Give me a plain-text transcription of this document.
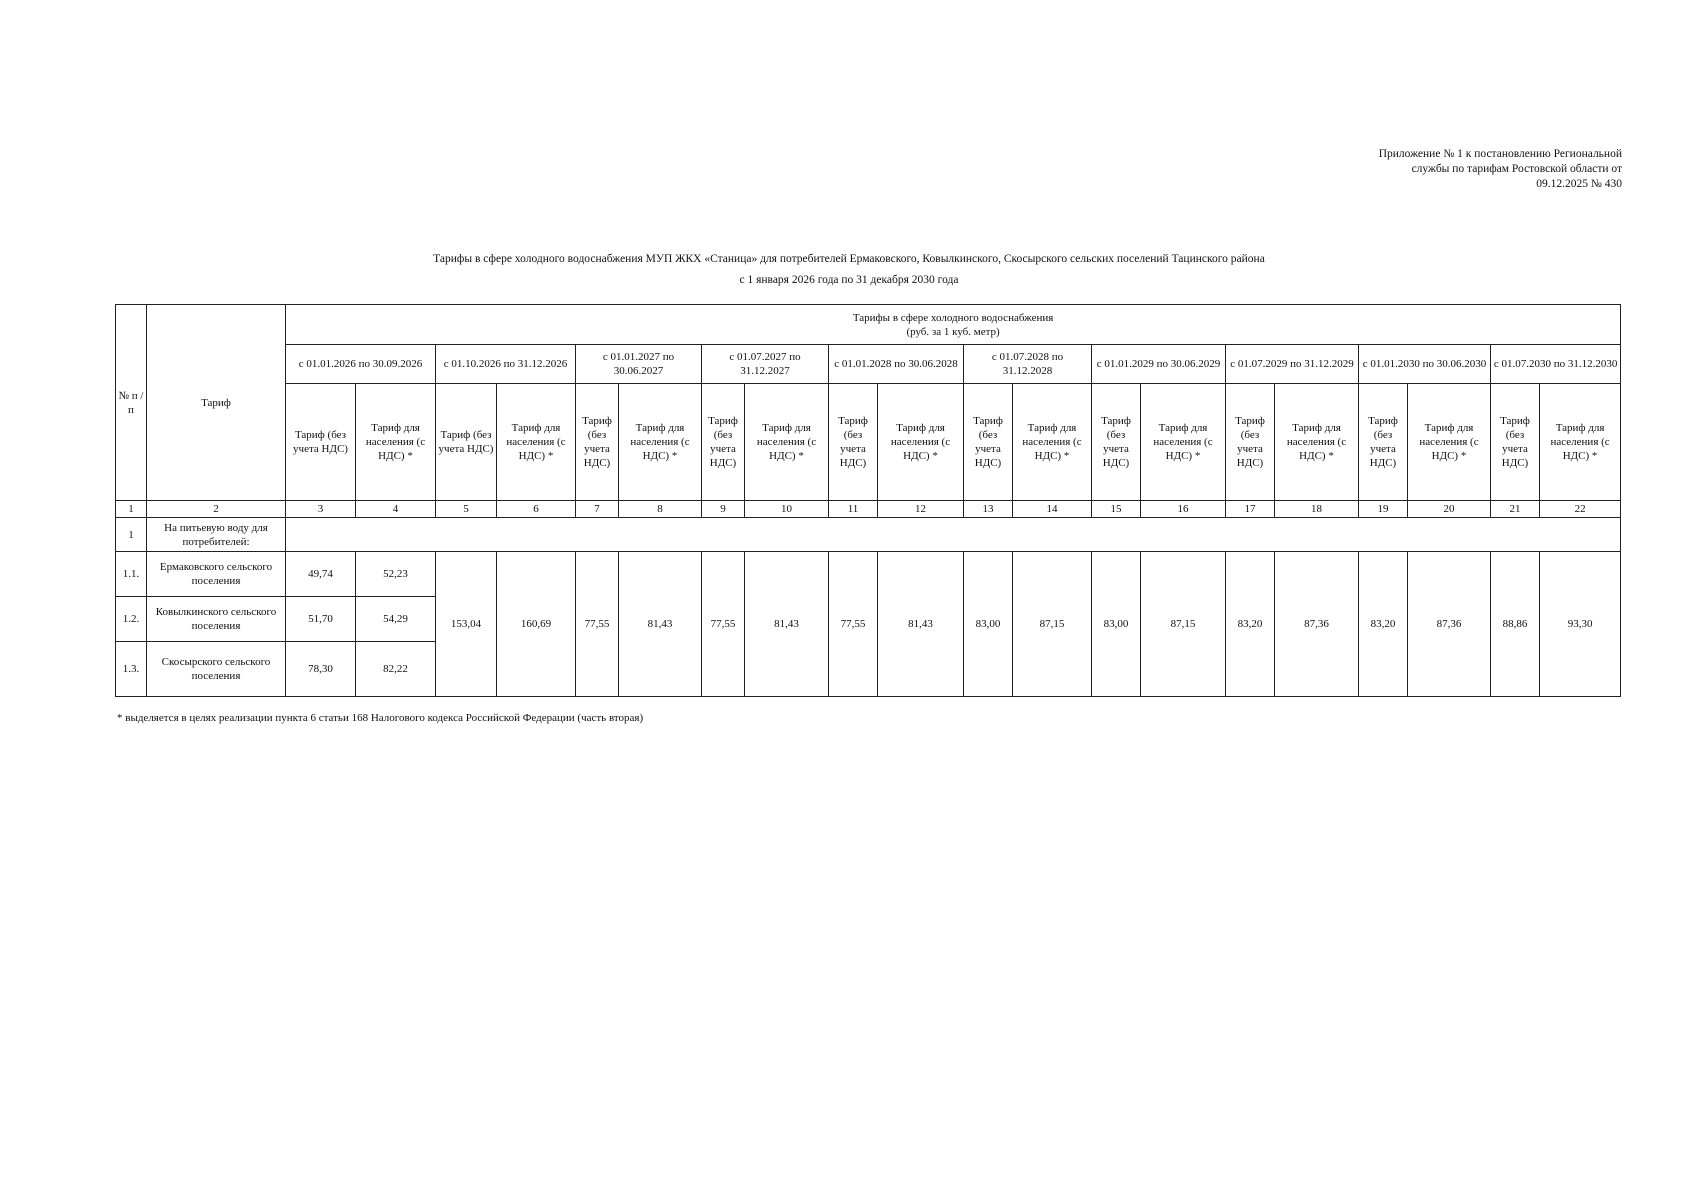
Приложение № 1 к постановлению Региональной
службы по тарифам Ростовской области от
09.12.2025 № 430
Тарифы в сфере холодного водоснабжения МУП ЖКХ «Станица» для потребителей Ермаковского, Ковылкинского, Скосырского сельских поселений Тацинского района
с 1 января 2026 года по 31 декабря 2030 года
№ п /п	Тариф	Тарифы в сфере холодного водоснабжения
(руб. за 1 куб. метр)																			

		с 01.01.2026 по 30.09.2026		с 01.10.2026 по 31.12.2026		с 01.01.2027 по 30.06.2027		с 01.07.2027 по 31.12.2027		с 01.01.2028 по 30.06.2028		с 01.07.2028 по 31.12.2028		с 01.01.2029 по 30.06.2029		с 01.07.2029 по 31.12.2029		с 01.01.2030 по 30.06.2030		с 01.07.2030 по 31.12.2030	
		Тариф (без учета НДС)	Тариф для населения (с НДС) *	Тариф (без учета НДС)	Тариф для населения (с НДС) *	Тариф (без учета НДС)	Тариф для населения (с НДС) *	Тариф (без учета НДС)	Тариф для населения (с НДС) *	Тариф (без учета НДС)	Тариф для населения (с НДС) *	Тариф (без учета НДС)	Тариф для населения (с НДС) *	Тариф (без учета НДС)	Тариф для населения (с НДС) *	Тариф (без учета НДС)	Тариф для населения (с НДС) *	Тариф (без учета НДС)	Тариф для населения (с НДС) *	Тариф (без учета НДС)	Тариф для населения (с НДС) *
1	2	3	4	5	6	7	8	9	10	11	12	13	14	15	16	17	18	19	20	21	22
1	На питьевую воду для потребителей:																				
1.1.	Ермаковского сельского поселения	49,74	52,23	153,04	160,69	77,55	81,43	77,55	81,43	77,55	81,43	83,00	87,15	83,00	87,15	83,20	87,36	83,20	87,36	88,86	93,30
1.2.	Ковылкинского сельского поселения	51,70	54,29																		
1.3.	Скосырского сельского поселения	78,30	82,22																		
* выделяется в целях реализации пункта 6 статьи 168 Налогового кодекса Российской Федерации (часть вторая)
